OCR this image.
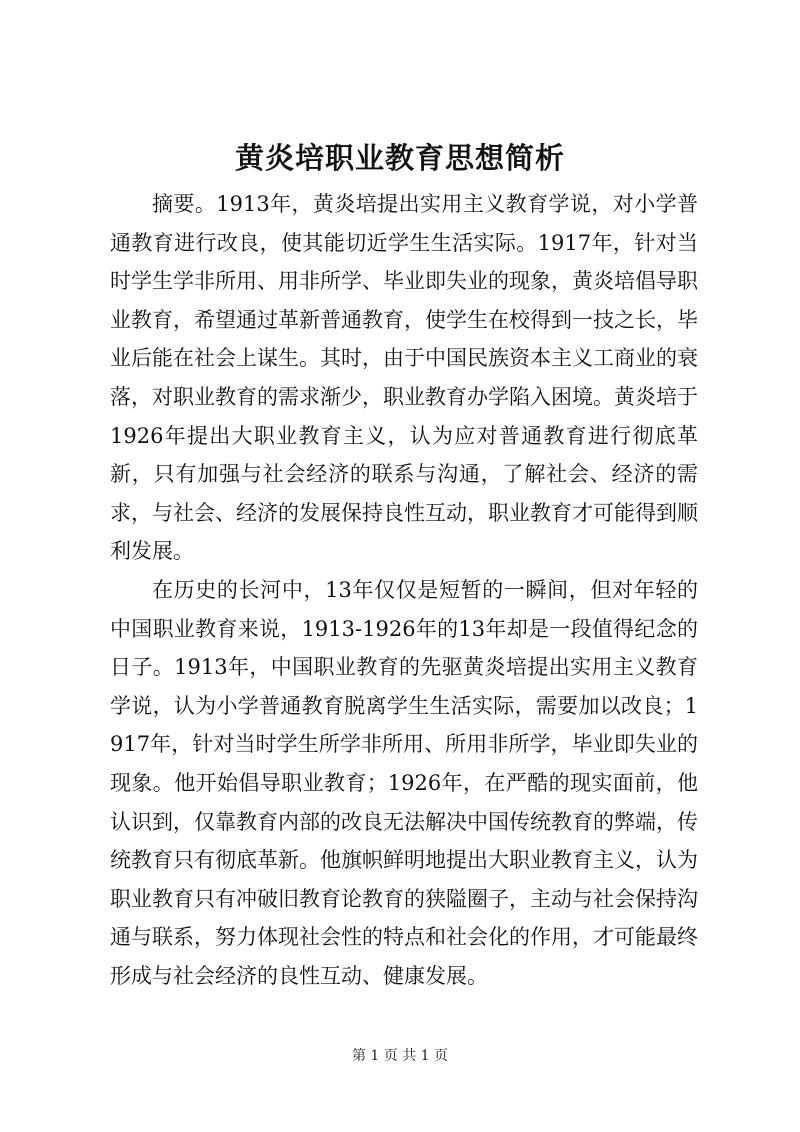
黄炎培职业教育思想简析

摘要。1913年，黄炎培提出实用主义教育学说，对小学普通教育进行改良，使其能切近学生生活实际。1917年，针对当时学生学非所用、用非所学、毕业即失业的现象，黄炎培倡导职业教育，希望通过革新普通教育，使学生在校得到一技之长，毕业后能在社会上谋生。其时，由于中国民族资本主义工商业的衰落，对职业教育的需求渐少，职业教育办学陷入困境。黄炎培于1926年提出大职业教育主义，认为应对普通教育进行彻底革新，只有加强与社会经济的联系与沟通，了解社会、经济的需求，与社会、经济的发展保持良性互动，职业教育才可能得到顺利发展。

在历史的长河中，13年仅仅是短暂的一瞬间，但对年轻的中国职业教育来说，1913-1926年的13年却是一段值得纪念的日子。1913年，中国职业教育的先驱黄炎培提出实用主义教育学说，认为小学普通教育脱离学生生活实际，需要加以改良；1917年，针对当时学生所学非所用、所用非所学，毕业即失业的现象。他开始倡导职业教育；1926年，在严酷的现实面前，他认识到，仅靠教育内部的改良无法解决中国传统教育的弊端，传统教育只有彻底革新。他旗帜鲜明地提出大职业教育主义，认为职业教育只有冲破旧教育论教育的狭隘圈子，主动与社会保持沟通与联系，努力体现社会性的特点和社会化的作用，才可能最终形成与社会经济的良性互动、健康发展。

第 1 页 共 1 页
